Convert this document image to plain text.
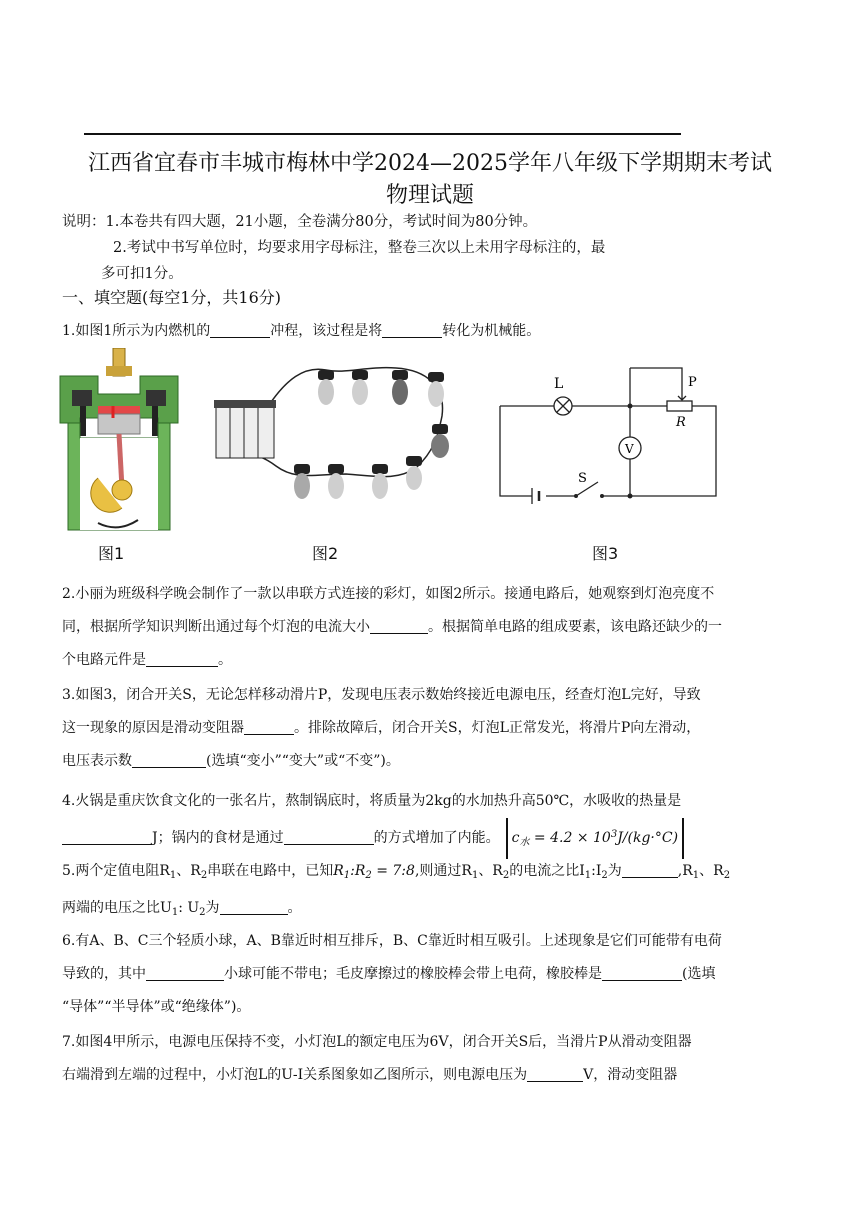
江西省宜春市丰城市梅林中学2024—2025学年八年级下学期期末考试
物理试题
说明：1.本卷共有四大题，21小题，全卷满分80分，考试时间为80分钟。
2.考试中书写单位时，均要求用字母标注，整卷三次以上未用字母标注的，最
多可扣1分。
一、填空题(每空1分，共16分)
1.如图1所示为内燃机的	冲程，该过程是将	转化为机械能。
图1	图2
L	P
R
V
S
图3
2.小丽为班级科学晚会制作了一款以串联方式连接的彩灯，如图2所示。接通电路后，她观察到灯泡亮度不
同，根据所学知识判断出通过每个灯泡的电流大小	。根据简单电路的组成要素，该电路还缺少的一
个电路元件是	。
3.如图3，闭合开关S，无论怎样移动滑片P，发现电压表示数始终接近电源电压，经查灯泡L完好，导致
这一现象的原因是滑动变阻器	。排除故障后，闭合开关S，灯泡L正常发光，将滑片P向左滑动，
电压表示数	(选填“变小”“变大”或“不变”)。
4.火锅是重庆饮食文化的一张名片，熬制锅底时，将质量为2kg的水加热升高50℃，水吸收的热量是
J；锅内的食材是通过	的方式增加了内能。 $c_水 = 4.2 \times 10^3J/(kg\cdot^\circ C)$
5.两个定值电阻$R_1$、$R_2$串联在电路中，已知$R_1:R_2$ = 7:8,则通过$R_1$、$R_2$的电流之比$I_1:I_2$为	$,R_1$、$R_2$
两端的电压之比$U_1$: $U_2$为	。
6.有A、B、C三个轻质小球，A、B靠近时相互排斥，B、C靠近时相互吸引。上述现象是它们可能带有电荷
导致的，其中	小球可能不带电；毛皮摩擦过的橡胶棒会带上电荷，橡胶棒是	(选填
“导体”“半导体”或“绝缘体”)。
7.如图4甲所示，电源电压保持不变，小灯泡L的额定电压为6V，闭合开关S后，当滑片P从滑动变阻器
右端滑到左端的过程中，小灯泡L的U-I关系图象如乙图所示，则电源电压为	V，滑动变阻器
